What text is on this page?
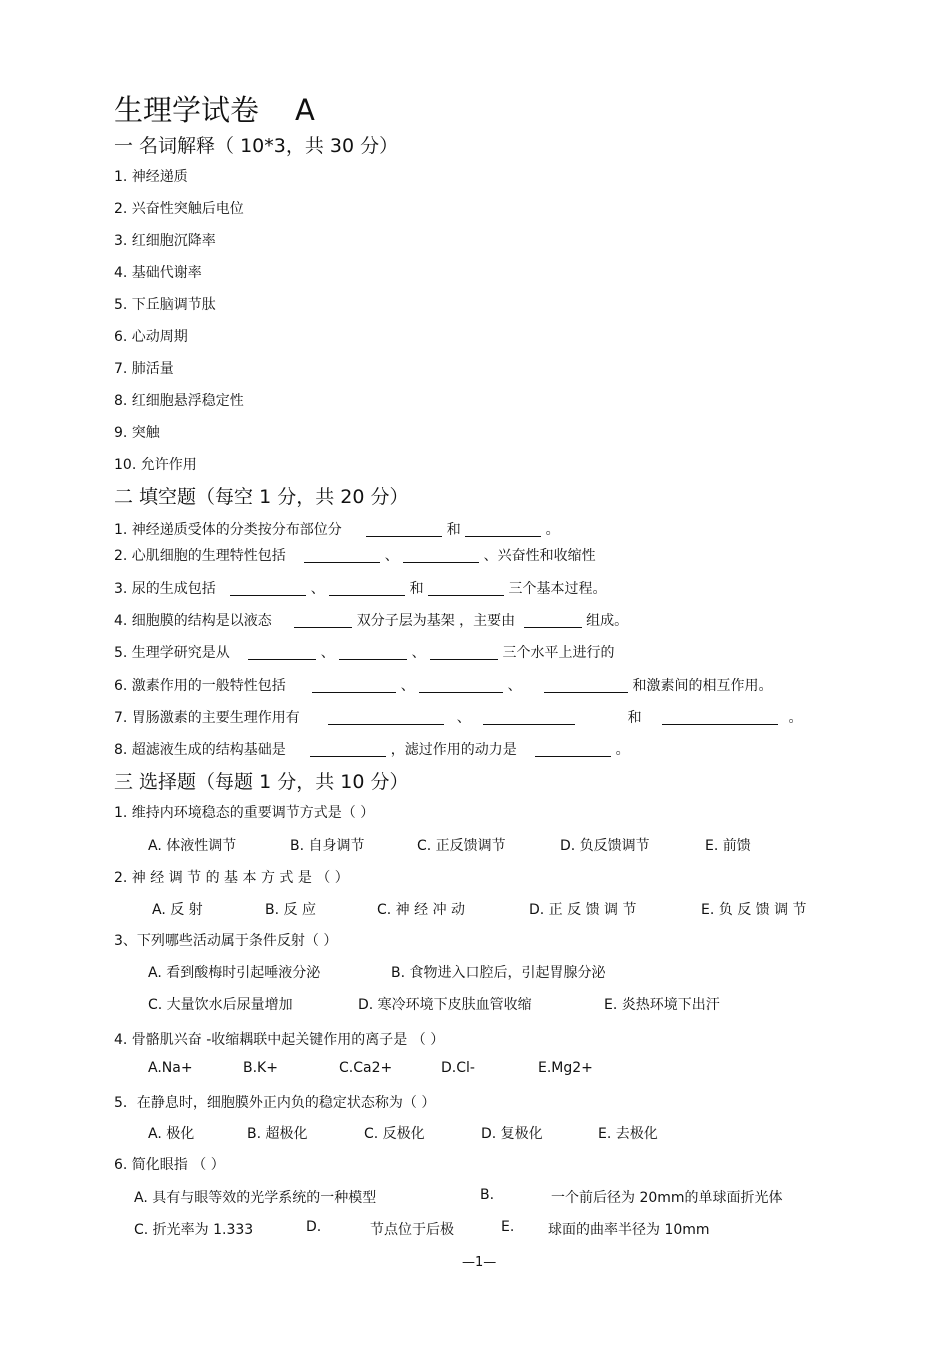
生理学试卷 A
一 名词解释（ 10*3，共 30 分）
1. 神经递质
2. 兴奋性突触后电位
3. 红细胞沉降率
4. 基础代谢率
5. 下丘脑调节肽
6. 心动周期
7. 肺活量
8. 红细胞悬浮稳定性
9. 突触
10. 允许作用
二 填空题（每空 1 分，共 20 分）
1. 神经递质受体的分类按分布部位分	和	。
2. 心肌细胞的生理特性包括	、	、兴奋性和收缩性
3. 尿的生成包括	、	和	三个基本过程。
4. 细胞膜的结构是以液态	双分子层为基架 ，主要由	组成。
5. 生理学研究是从	、	、	三个水平上进行的
6. 激素作用的一般特性包括	、	、	和激素间的相互作用。
7. 胃肠激素的主要生理作用有	、	和	。
8. 超滤液生成的结构基础是	，滤过作用的动力是	。
三 选择题（每题 1 分，共 10 分）
1. 维持内环境稳态的重要调节方式是（ ）
A. 体液性调节	B. 自身调节	C. 正反馈调节	D. 负反馈调节	E. 前馈
2. 神 经 调 节 的 基 本 方 式 是 （ ）
A. 反 射	B. 反 应	C. 神 经 冲 动	D. 正 反 馈 调 节	E. 负 反 馈 调 节
3、下列哪些活动属于条件反射（ ）
A. 看到酸梅时引起唾液分泌	B. 食物进入口腔后，引起胃腺分泌
C. 大量饮水后尿量增加	D. 寒冷环境下皮肤血管收缩	E. 炎热环境下出汗
4. 骨骼肌兴奋 -收缩耦联中起关键作用的离子是 （ ）
A.Na+	B.K+	C.Ca2+	D.Cl-	E.Mg2+
5．在静息时，细胞膜外正内负的稳定状态称为（ ）
A. 极化	B. 超极化	C. 反极化	D. 复极化	E. 去极化
6. 简化眼指 （ ）
A. 具有与眼等效的光学系统的一种模型	B.	一个前后径为 20mm的单球面折光体
C. 折光率为 1.333	D.	节点位于后极	E. 球面的曲率半径为 10mm
—1—
